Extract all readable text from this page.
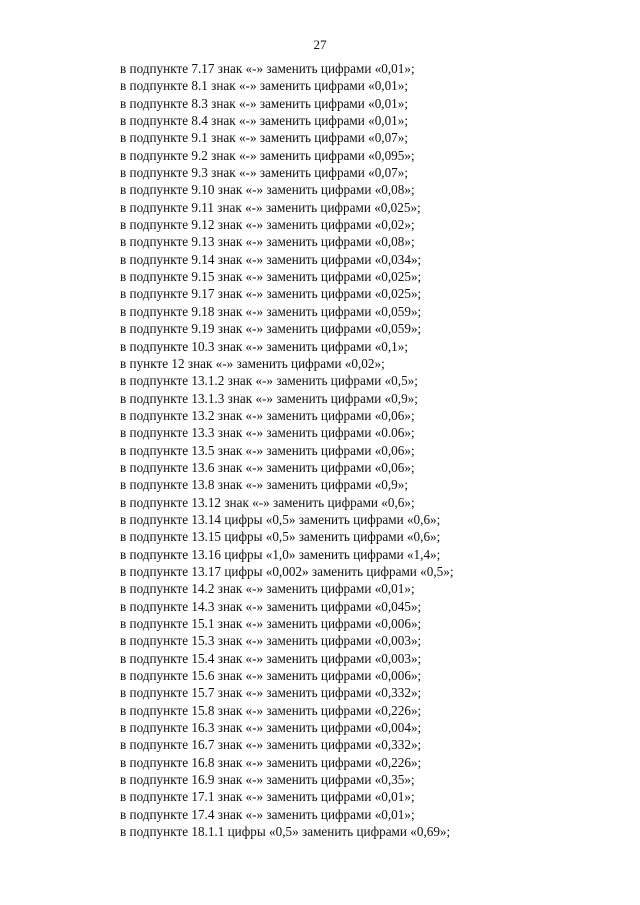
27
в подпункте 7.17 знак «-» заменить цифрами «0,01»;
в подпункте 8.1 знак «-» заменить цифрами «0,01»;
в подпункте 8.3 знак «-» заменить цифрами «0,01»;
в подпункте 8.4 знак «-» заменить цифрами «0,01»;
в подпункте 9.1 знак «-» заменить цифрами «0,07»;
в подпункте 9.2 знак «-» заменить цифрами «0,095»;
в подпункте 9.3 знак «-» заменить цифрами «0,07»;
в подпункте 9.10 знак «-» заменить цифрами «0,08»;
в подпункте 9.11 знак «-» заменить цифрами «0,025»;
в подпункте 9.12 знак «-» заменить цифрами «0,02»;
в подпункте 9.13 знак «-» заменить цифрами «0,08»;
в подпункте 9.14 знак «-» заменить цифрами «0,034»;
в подпункте 9.15 знак «-» заменить цифрами «0,025»;
в подпункте 9.17 знак «-» заменить цифрами «0,025»;
в подпункте 9.18 знак «-» заменить цифрами «0,059»;
в подпункте 9.19 знак «-» заменить цифрами «0,059»;
в подпункте 10.3 знак «-» заменить цифрами «0,1»;
в пункте 12 знак «-» заменить цифрами «0,02»;
в подпункте 13.1.2 знак «-» заменить цифрами «0,5»;
в подпункте 13.1.3 знак «-» заменить цифрами «0,9»;
в подпункте 13.2 знак «-» заменить цифрами «0,06»;
в подпункте 13.3 знак «-» заменить цифрами «0.06»;
в подпункте 13.5 знак «-» заменить цифрами «0,06»;
в подпункте 13.6 знак «-» заменить цифрами «0,06»;
в подпункте 13.8 знак «-» заменить цифрами «0,9»;
в подпункте 13.12 знак «-» заменить цифрами «0,6»;
в подпункте 13.14 цифры «0,5» заменить цифрами «0,6»;
в подпункте 13.15 цифры «0,5» заменить цифрами «0,6»;
в подпункте 13.16 цифры «1,0» заменить цифрами «1,4»;
в подпункте 13.17 цифры «0,002» заменить цифрами «0,5»;
в подпункте 14.2 знак «-» заменить цифрами «0,01»;
в подпункте 14.3 знак «-» заменить цифрами «0,045»;
в подпункте 15.1 знак «-» заменить цифрами «0,006»;
в подпункте 15.3 знак «-» заменить цифрами «0,003»;
в подпункте 15.4 знак «-» заменить цифрами «0,003»;
в подпункте 15.6 знак «-» заменить цифрами «0,006»;
в подпункте 15.7 знак «-» заменить цифрами «0,332»;
в подпункте 15.8 знак «-» заменить цифрами «0,226»;
в подпункте 16.3 знак «-» заменить цифрами «0,004»;
в подпункте 16.7 знак «-» заменить цифрами «0,332»;
в подпункте 16.8 знак «-» заменить цифрами «0,226»;
в подпункте 16.9 знак «-» заменить цифрами «0,35»;
в подпункте 17.1 знак «-» заменить цифрами «0,01»;
в подпункте 17.4 знак «-» заменить цифрами «0,01»;
в подпункте 18.1.1 цифры «0,5» заменить цифрами «0,69»;
